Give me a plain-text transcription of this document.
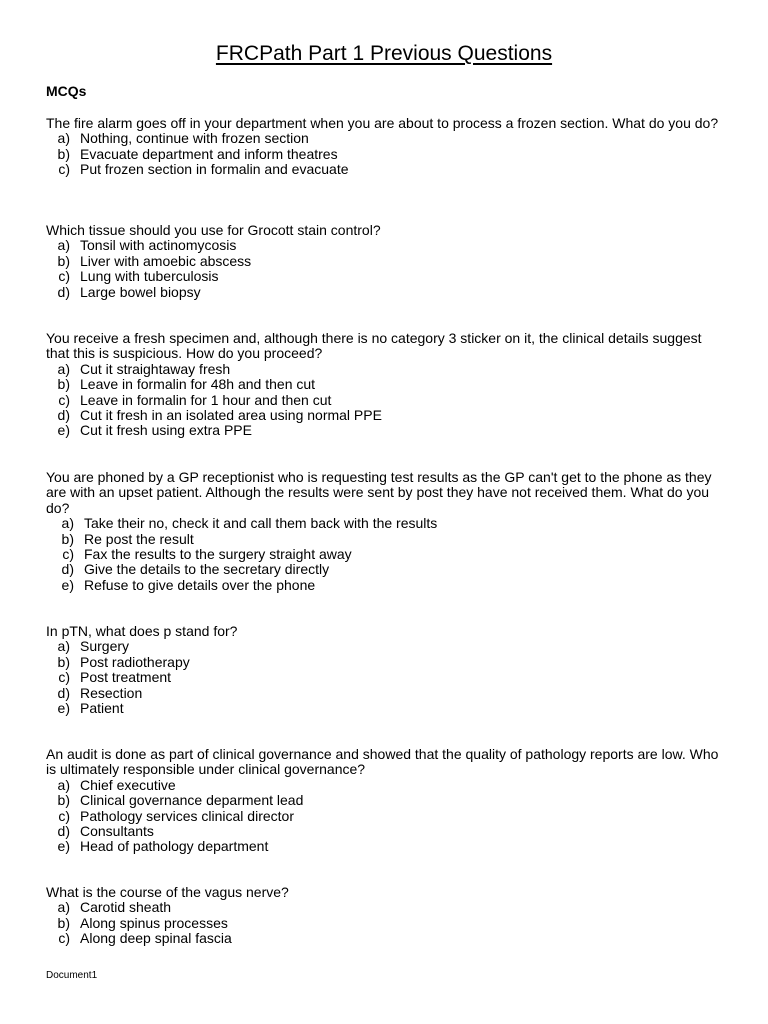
FRCPath Part 1 Previous Questions
MCQs

The fire alarm goes off in your department when you are about to process a frozen section. What do you do?

a) Nothing, continue with frozen section
b) Evacuate department and inform theatres
c) Put frozen section in formalin and evacuate

Which tissue should you use for Grocott stain control?

a) Tonsil with actinomycosis
b) Liver with amoebic abscess
c) Lung with tuberculosis
d) Large bowel biopsy

You receive a fresh specimen and, although there is no category 3 sticker on it, the clinical details suggest that this is suspicious. How do you proceed?

a) Cut it straightaway fresh
b) Leave in formalin for 48h and then cut
c) Leave in formalin for 1 hour and then cut
d) Cut it fresh in an isolated area using normal PPE
e) Cut it fresh using extra PPE

You are phoned by a GP receptionist who is requesting test results as the GP can't get to the phone as they are with an upset patient. Although the results were sent by post they have not received them. What do you do?

a) Take their no, check it and call them back with the results
b) Re post the result
c) Fax the results to the surgery straight away
d) Give the details to the secretary directly
e) Refuse to give details over the phone

In pTN, what does p stand for?

a) Surgery
b) Post radiotherapy
c) Post treatment
d) Resection
e) Patient

An audit is done as part of clinical governance and showed that the quality of pathology reports are low. Who is ultimately responsible under clinical governance?

a) Chief executive
b) Clinical governance deparment lead
c) Pathology services clinical director
d) Consultants
e) Head of pathology department

What is the course of the vagus nerve?

a) Carotid sheath
b) Along spinus processes
c) Along deep spinal fascia
Document1
